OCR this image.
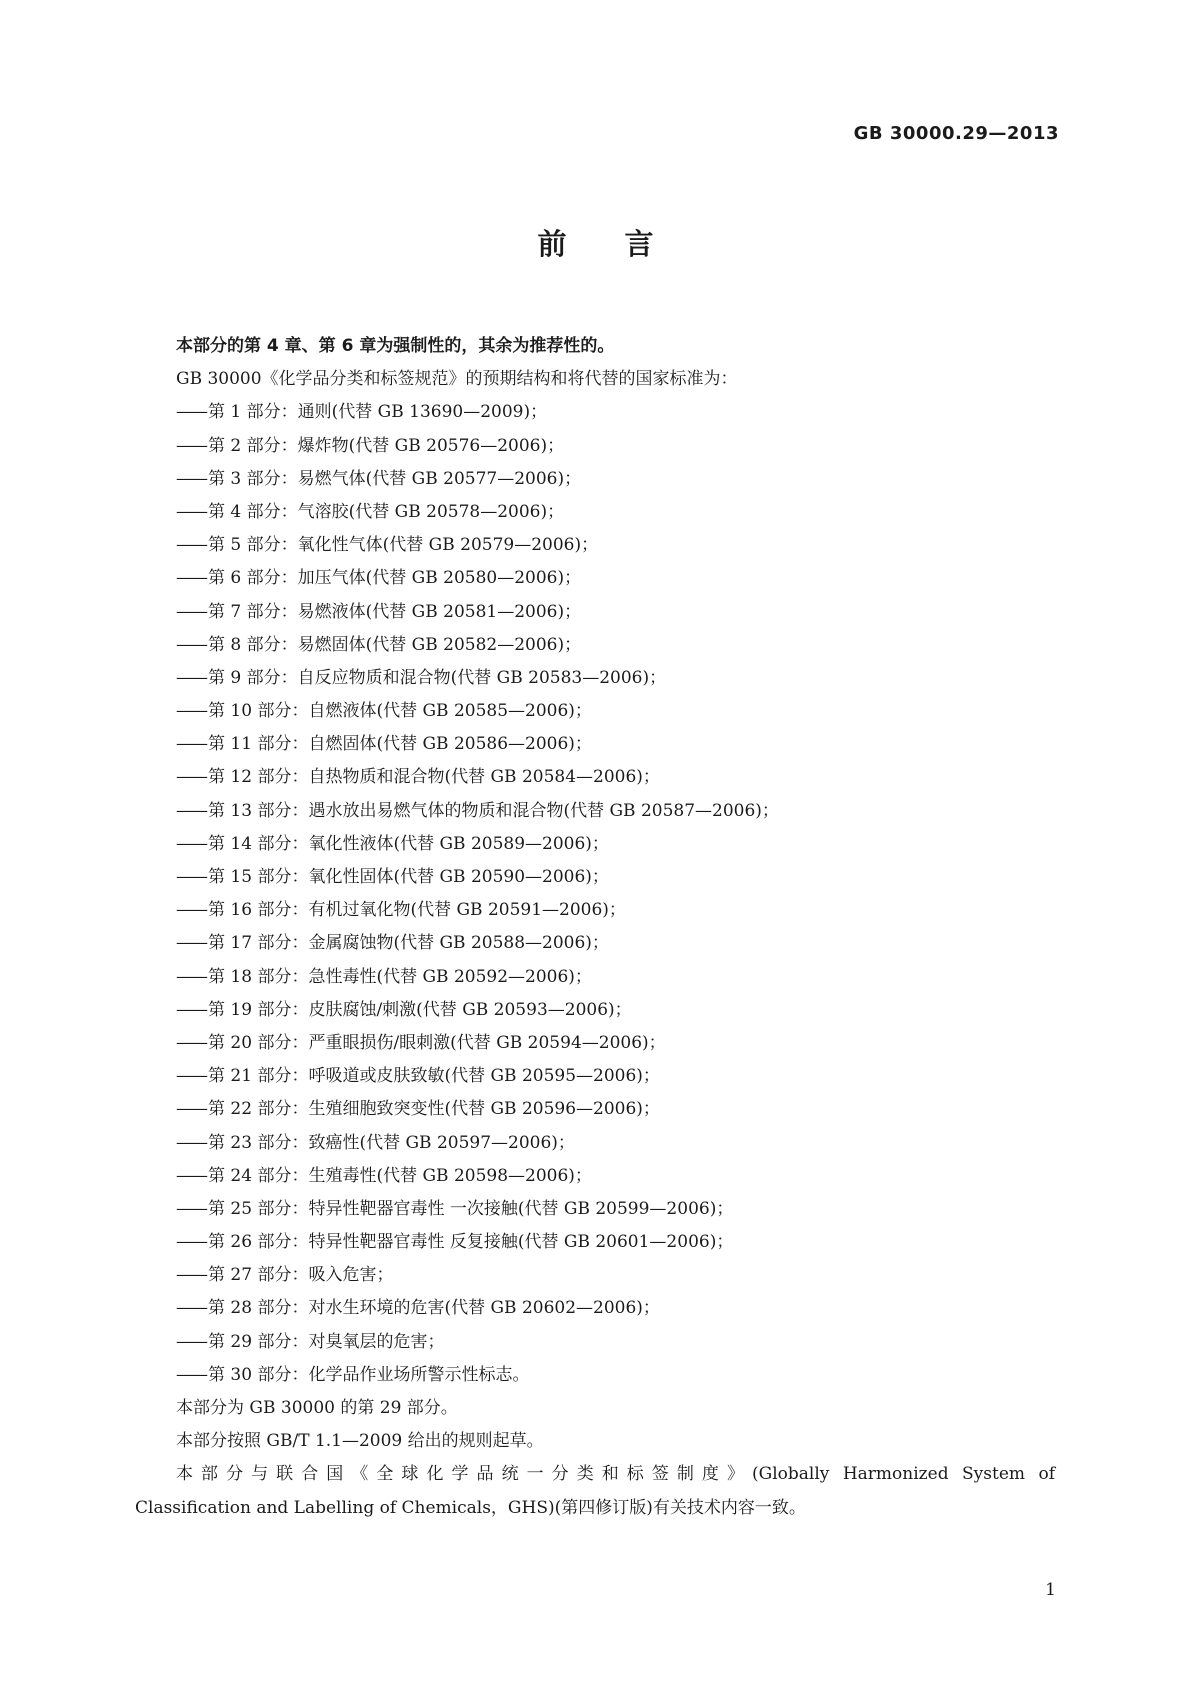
GB 30000.29—2013
前　　言
本部分的第 4 章、第 6 章为强制性的，其余为推荐性的。
GB 30000《化学品分类和标签规范》的预期结构和将代替的国家标准为：
—— 第 1 部分：通则(代替 GB 13690—2009)；
—— 第 2 部分：爆炸物(代替 GB 20576—2006)；
—— 第 3 部分：易燃气体(代替 GB 20577—2006)；
—— 第 4 部分：气溶胶(代替 GB 20578—2006)；
—— 第 5 部分：氧化性气体(代替 GB 20579—2006)；
—— 第 6 部分：加压气体(代替 GB 20580—2006)；
—— 第 7 部分：易燃液体(代替 GB 20581—2006)；
—— 第 8 部分：易燃固体(代替 GB 20582—2006)；
—— 第 9 部分：自反应物质和混合物(代替 GB 20583—2006)；
—— 第 10 部分：自燃液体(代替 GB 20585—2006)；
—— 第 11 部分：自燃固体(代替 GB 20586—2006)；
—— 第 12 部分：自热物质和混合物(代替 GB 20584—2006)；
—— 第 13 部分：遇水放出易燃气体的物质和混合物(代替 GB 20587—2006)；
—— 第 14 部分：氧化性液体(代替 GB 20589—2006)；
—— 第 15 部分：氧化性固体(代替 GB 20590—2006)；
—— 第 16 部分：有机过氧化物(代替 GB 20591—2006)；
—— 第 17 部分：金属腐蚀物(代替 GB 20588—2006)；
—— 第 18 部分：急性毒性(代替 GB 20592—2006)；
—— 第 19 部分：皮肤腐蚀/刺激(代替 GB 20593—2006)；
—— 第 20 部分：严重眼损伤/眼刺激(代替 GB 20594—2006)；
—— 第 21 部分：呼吸道或皮肤致敏(代替 GB 20595—2006)；
—— 第 22 部分：生殖细胞致突变性(代替 GB 20596—2006)；
—— 第 23 部分：致癌性(代替 GB 20597—2006)；
—— 第 24 部分：生殖毒性(代替 GB 20598—2006)；
—— 第 25 部分：特异性靶器官毒性 一次接触(代替 GB 20599—2006)；
—— 第 26 部分：特异性靶器官毒性 反复接触(代替 GB 20601—2006)；
—— 第 27 部分：吸入危害；
—— 第 28 部分：对水生环境的危害(代替 GB 20602—2006)；
—— 第 29 部分：对臭氧层的危害；
—— 第 30 部分：化学品作业场所警示性标志。
本部分为 GB 30000 的第 29 部分。
本部分按照 GB/T 1.1—2009 给出的规则起草。
本部分与联合国《全球化学品统一分类和标签制度》(Globally Harmonized System of
Classification and Labelling of Chemicals，GHS)(第四修订版)有关技术内容一致。
1
